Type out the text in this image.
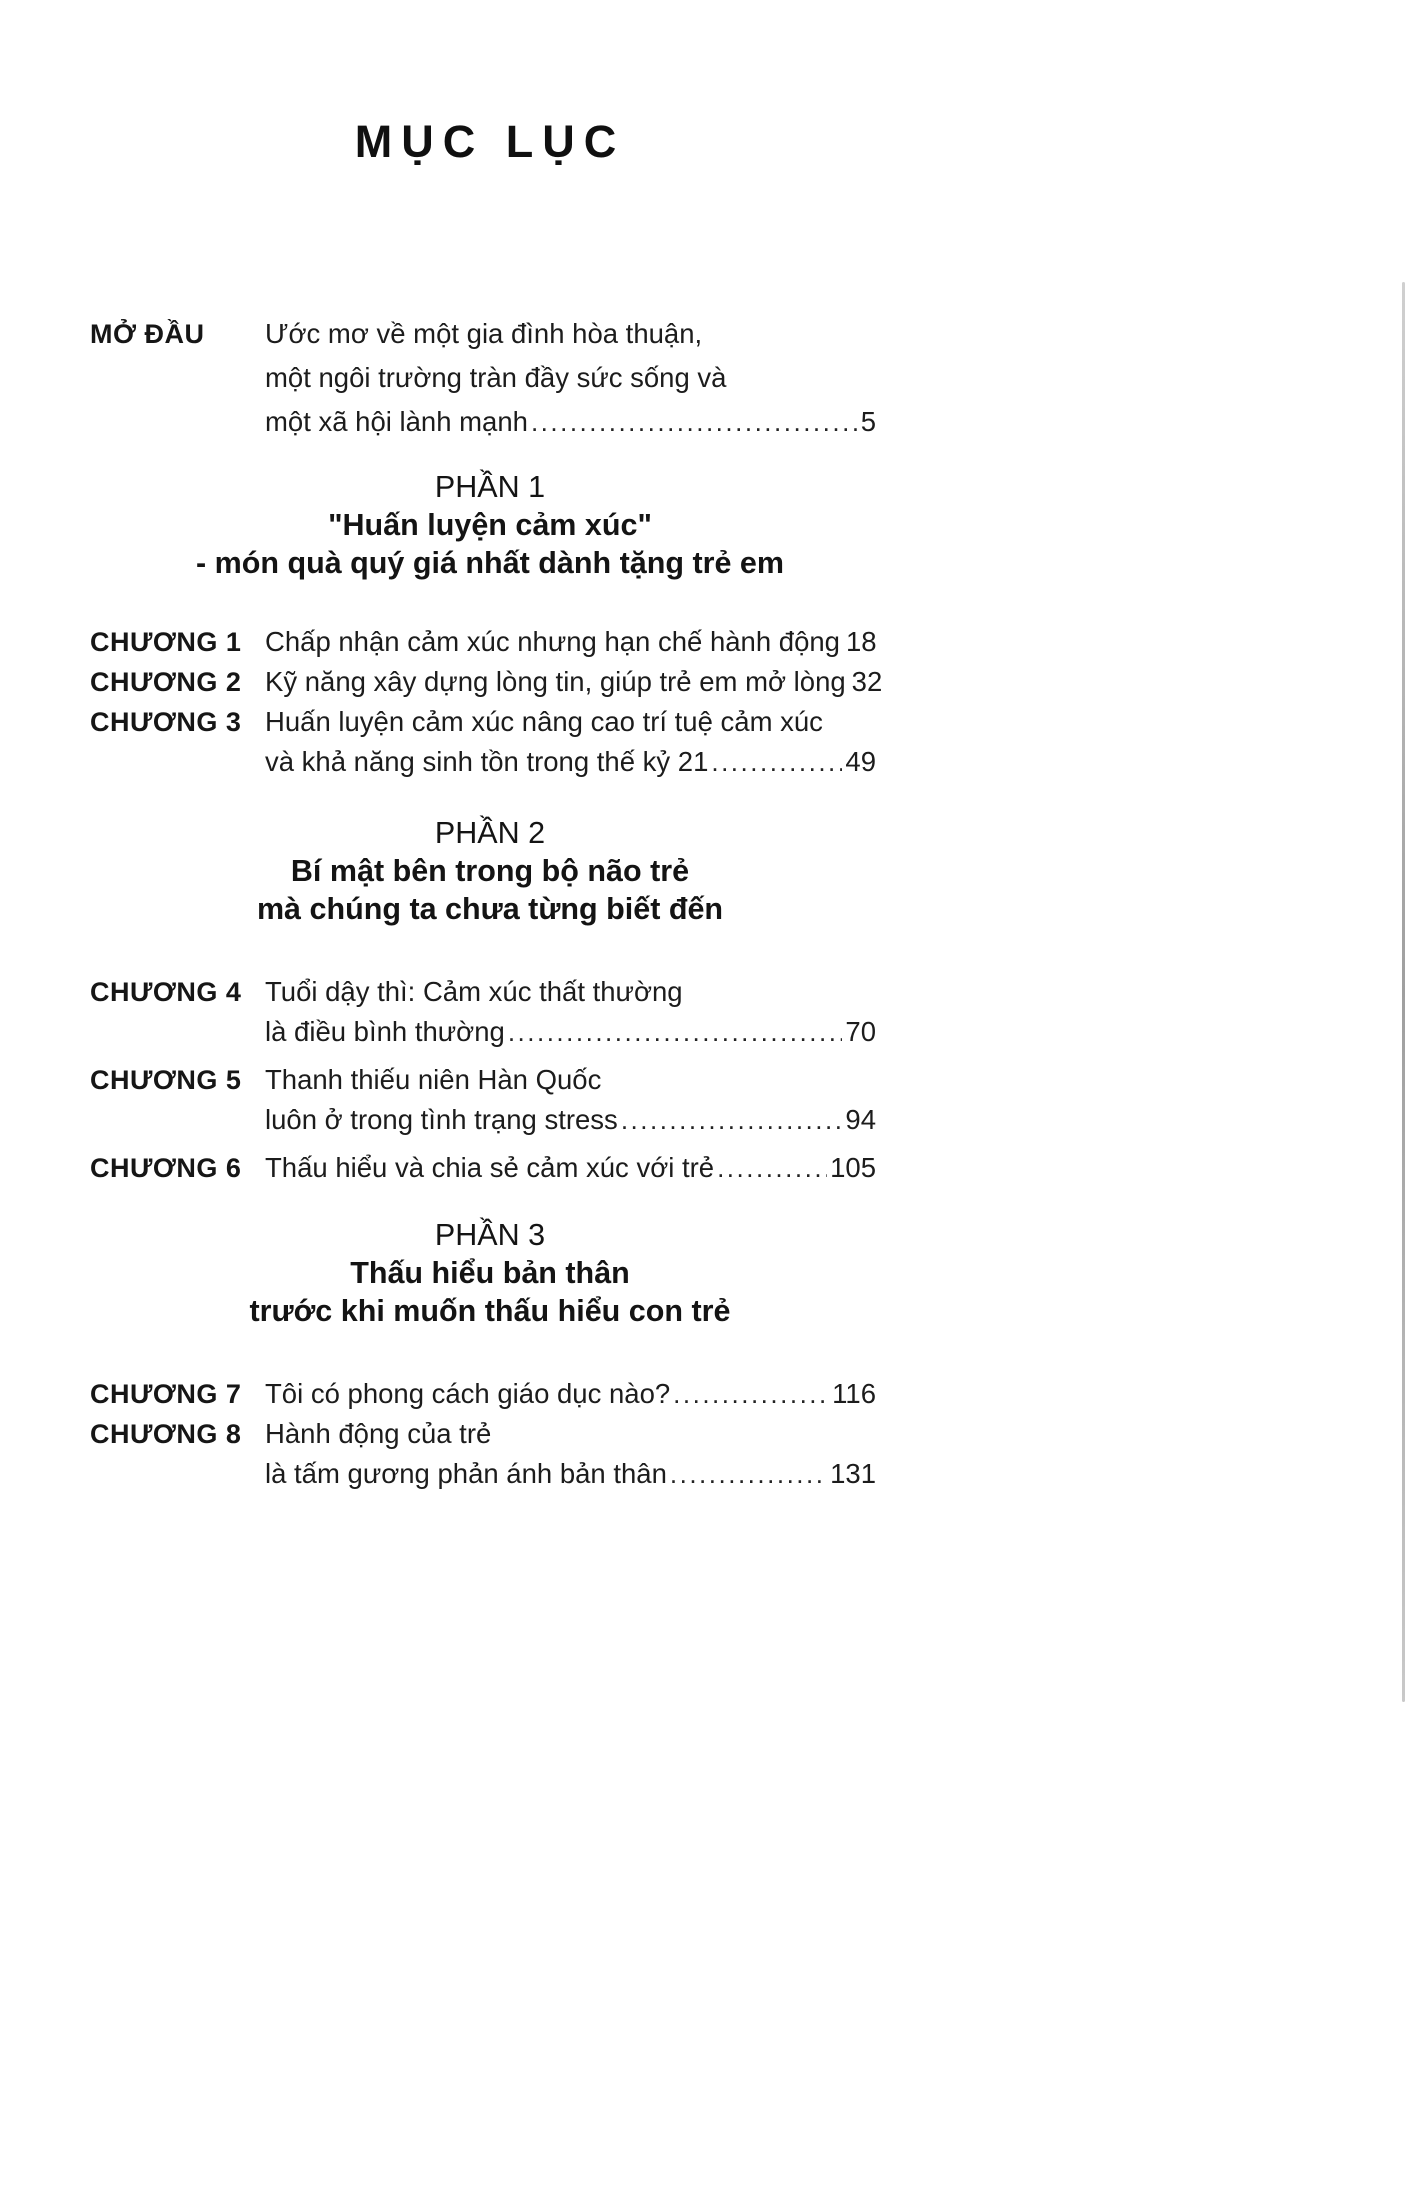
MỤC LỤC
MỞ ĐẦU	Ước mơ về một gia đình hòa thuận,
một ngôi trường tràn đầy sức sống và
một xã hội lành mạnh .....	5
PHẦN 1
"Huấn luyện cảm xúc"
- món quà quý giá nhất dành tặng trẻ em
CHƯƠNG 1 Chấp nhận cảm xúc nhưng hạn chế hành động 18
CHƯƠNG 2 Kỹ năng xây dựng lòng tin, giúp trẻ em mở lòng 32
CHƯƠNG 3 Huấn luyện cảm xúc nâng cao trí tuệ cảm xúc
và khả năng sinh tồn trong thế kỷ 21 .....	49
PHẦN 2
Bí mật bên trong bộ não trẻ
mà chúng ta chưa từng biết đến
CHƯƠNG 4 Tuổi dậy thì: Cảm xúc thất thường
là điều bình thường .....	70
CHƯƠNG 5 Thanh thiếu niên Hàn Quốc
luôn ở trong tình trạng stress .....	94
CHƯƠNG 6 Thấu hiểu và chia sẻ cảm xúc với trẻ .....	105
PHẦN 3
Thấu hiểu bản thân
trước khi muốn thấu hiểu con trẻ
CHƯƠNG 7 Tôi có phong cách giáo dục nào? .....	116
CHƯƠNG 8 Hành động của trẻ
là tấm gương phản ánh bản thân .....	131
